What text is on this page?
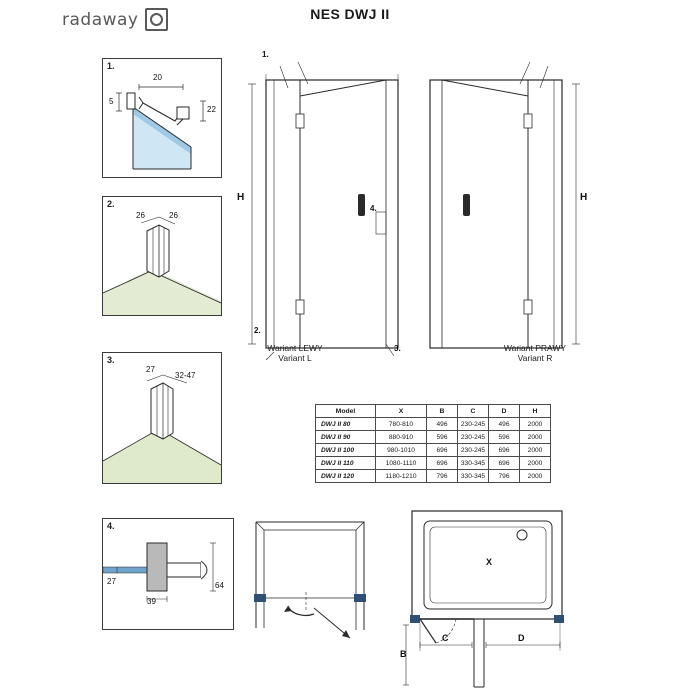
radaway	NES DWJ II
1.
20
5
22
2.
26	26
3.
27
32-47
4.
27
39
64
1.
2.
3.
4.
H
Wariant LEWY
Variant L
H
Wariant PRAWY
Variant R
Model	X	B	C	D	H
DWJ II 80	780-810	496	230-245	496	2000
DWJ II 90	880-910	596	230-245	596	2000
DWJ II 100	980-1010	696	230-245	696	2000
DWJ II 110	1080-1110	696	330-345	696	2000
DWJ II 120	1180-1210	796	330-345	796	2000
X
B
C	D
